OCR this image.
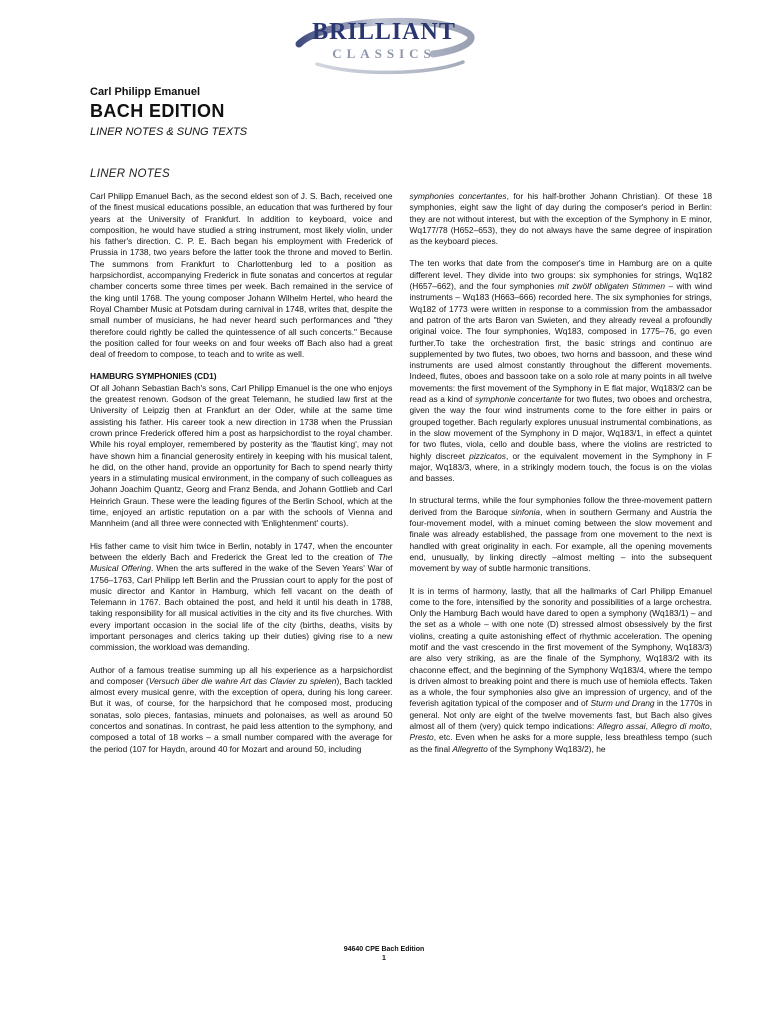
BRILLIANT
CLASSICS
Carl Philipp Emanuel
BACH EDITION
LINER NOTES & SUNG TEXTS
LINER NOTES

Carl Philipp Emanuel Bach, as the second eldest son of J. S. Bach, received one of the finest musical educations possible, an education that was furthered by four years at the University of Frankfurt. In addition to keyboard, voice and composition, he would have studied a string instrument, most likely violin, under his father's direction. C. P. E. Bach began his employment with Frederick of Prussia in 1738, two years before the latter took the throne and moved to Berlin. The summons from Frankfurt to Charlottenburg led to a position as harpsichordist, accompanying Frederick in flute sonatas and concertos at regular chamber concerts some three times per week. Bach remained in the service of the king until 1768. The young composer Johann Wilhelm Hertel, who heard the Royal Chamber Music at Potsdam during carnival in 1748, writes that, despite the small number of musicians, he had never heard such performances and "they therefore could rightly be called the quintessence of all such concerts." Because the position called for four weeks on and four weeks off Bach also had a great deal of freedom to compose, to teach and to write as well.

HAMBURG SYMPHONIES (CD1)

Of all Johann Sebastian Bach's sons, Carl Philipp Emanuel is the one who enjoys the greatest renown. Godson of the great Telemann, he studied law first at the University of Leipzig then at Frankfurt an der Oder, while at the same time assisting his father. His career took a new direction in 1738 when the Prussian crown prince Frederick offered him a post as harpsichordist to the royal chamber. While his royal employer, remembered by posterity as the 'flautist king', may not have shown him a financial generosity entirely in keeping with his musical talent, he did, on the other hand, provide an opportunity for Bach to spend nearly thirty years in a stimulating musical environment, in the company of such colleagues as Johann Joachim Quantz, Georg and Franz Benda, and Johann Gottlieb and Carl Heinrich Graun. These were the leading figures of the Berlin School, which at the time, enjoyed an artistic reputation on a par with the schools of Vienna and Mannheim (and all three were connected with 'Enlightenment' courts).

His father came to visit him twice in Berlin, notably in 1747, when the encounter between the elderly Bach and Frederick the Great led to the creation of The Musical Offering. When the arts suffered in the wake of the Seven Years' War of 1756–1763, Carl Philipp left Berlin and the Prussian court to apply for the post of music director and Kantor in Hamburg, which fell vacant on the death of Telemann in 1767. Bach obtained the post, and held it until his death in 1788, taking responsibility for all musical activities in the city and its five churches. With every important occasion in the social life of the city (births, deaths, visits by important personages and clerics taking up their duties) giving rise to a new commission, the workload was demanding.

Author of a famous treatise summing up all his experience as a harpsichordist and composer (Versuch über die wahre Art das Clavier zu spielen), Bach tackled almost every musical genre, with the exception of opera, during his long career. But it was, of course, for the harpsichord that he composed most, producing sonatas, solo pieces, fantasias, minuets and polonaises, as well as around 50 concertos and sonatinas. In contrast, he paid less attention to the symphony, and composed a total of 18 works – a small number compared with the average for the period (107 for Haydn, around 40 for Mozart and around 50, including

symphonies concertantes, for his half-brother Johann Christian). Of these 18 symphonies, eight saw the light of day during the composer's period in Berlin: they are not without interest, but with the exception of the Symphony in E minor, Wq177/78 (H652–653), they do not always have the same degree of inspiration as the keyboard pieces.

The ten works that date from the composer's time in Hamburg are on a quite different level. They divide into two groups: six symphonies for strings, Wq182 (H657–662), and the four symphonies mit zwölf obligaten Stimmen – with wind instruments – Wq183 (H663–666) recorded here. The six symphonies for strings, Wq182 of 1773 were written in response to a commission from the ambassador and patron of the arts Baron van Swieten, and they already reveal a profoundly original voice. The four symphonies, Wq183, composed in 1775–76, go even further.To take the orchestration first, the basic strings and continuo are supplemented by two flutes, two oboes, two horns and bassoon, and these wind instruments are used almost constantly throughout the different movements. Indeed, flutes, oboes and bassoon take on a solo role at many points in all twelve movements: the first movement of the Symphony in E flat major, Wq183/2 can be read as a kind of symphonie concertante for two flutes, two oboes and orchestra, given the way the four wind instruments come to the fore either in pairs or grouped together. Bach regularly explores unusual instrumental combinations, as in the slow movement of the Symphony in D major, Wq183/1, in effect a quintet for two flutes, viola, cello and double bass, where the violins are restricted to highly discreet pizzicatos, or the equivalent movement in the Symphony in F major, Wq183/3, where, in a strikingly modern touch, the focus is on the violas and basses.

In structural terms, while the four symphonies follow the three-movement pattern derived from the Baroque sinfonia, when in southern Germany and Austria the four-movement model, with a minuet coming between the slow movement and finale was already established, the passage from one movement to the next is handled with great originality in each. For example, all the opening movements end, unusually, by linking directly –almost melting – into the subsequent movement by way of subtle harmonic transitions.

It is in terms of harmony, lastly, that all the hallmarks of Carl Philipp Emanuel come to the fore, intensified by the sonority and possibilities of a large orchestra. Only the Hamburg Bach would have dared to open a symphony (Wq183/1) – and the set as a whole – with one note (D) stressed almost obsessively by the first violins, creating a quite astonishing effect of rhythmic acceleration. The opening motif and the vast crescendo in the first movement of the Symphony, Wq183/3) are also very striking, as are the finale of the Symphony, Wq183/2 with its chaconne effect, and the beginning of the Symphony Wq183/4, where the tempo is driven almost to breaking point and there is much use of hemiola effects. Taken as a whole, the four symphonies also give an impression of urgency, and of the feverish agitation typical of the composer and of Sturm und Drang in the 1770s in general. Not only are eight of the twelve movements fast, but Bach also gives almost all of them (very) quick tempo indications: Allegro assai, Allegro di molto, Presto, etc. Even when he asks for a more supple, less breathless tempo (such as the final Allegretto of the Symphony Wq183/2), he

94640 CPE Bach Edition
1
